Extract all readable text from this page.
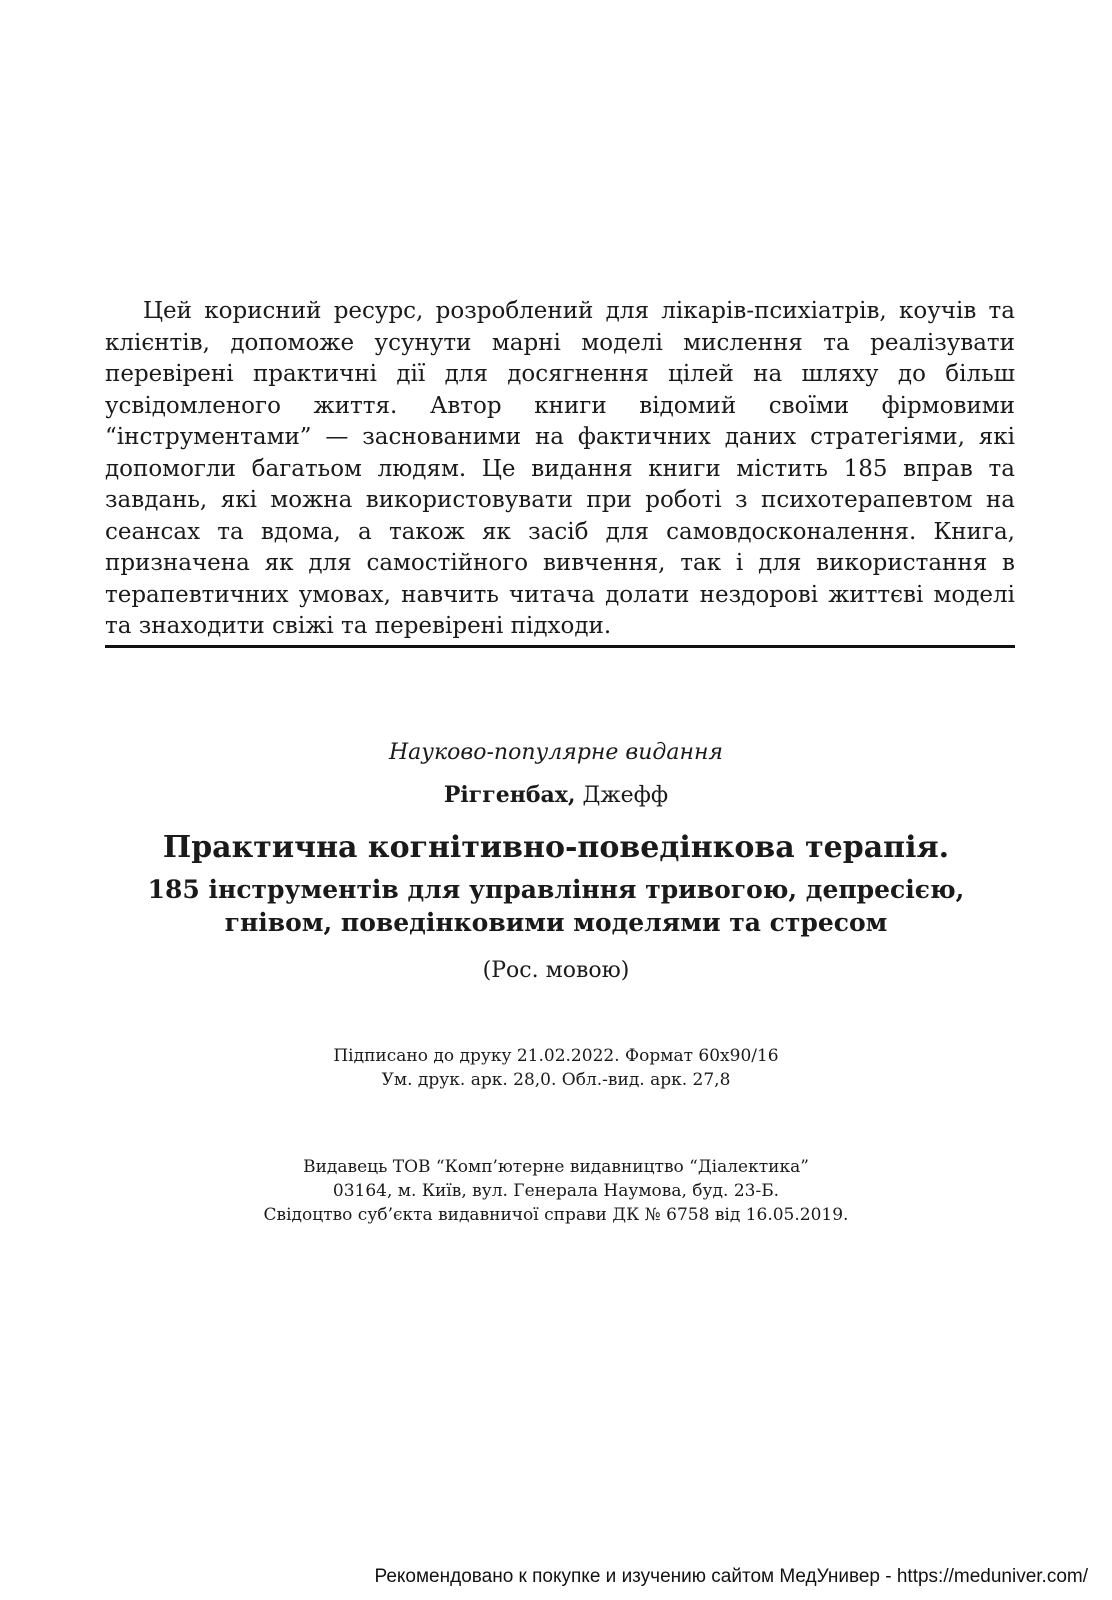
Цей корисний ресурс, розроблений для лікарів-психіатрів, коучів та клієнтів, допоможе усунути марні моделі мислення та реалізувати перевірені практичні дії для досягнення цілей на шляху до більш усвідомленого життя. Автор книги відомий своїми фірмовими “інструментами” — заснованими на фактичних даних стратегіями, які допомогли багатьом людям. Це видання книги містить 185 вправ та завдань, які можна використовувати при роботі з психотерапевтом на сеансах та вдома, а також як засіб для самовдосконалення. Книга, призначена як для самостійного вивчення, так і для використання в терапевтичних умовах, навчить читача долати нездорові життєві моделі та знаходити свіжі та перевірені підходи.

Науково-популярне видання

Ріггенбах, Джефф

Практична когнітивно-поведінкова терапія.

185 інструментів для управління тривогою, депресією,
гнівом, поведінковими моделями та стресом

(Рос. мовою)

Підписано до друку 21.02.2022. Формат 60х90/16
Ум. друк. арк. 28,0. Обл.-вид. арк. 27,8

Видавець ТОВ “Комп’ютерне видавництво “Діалектика”
03164, м. Київ, вул. Генерала Наумова, буд. 23-Б.
Свідоцтво суб’єкта видавничої справи ДК № 6758 від 16.05.2019.

Рекомендовано к покупке и изучению сайтом МедУнивер - https://meduniver.com/
